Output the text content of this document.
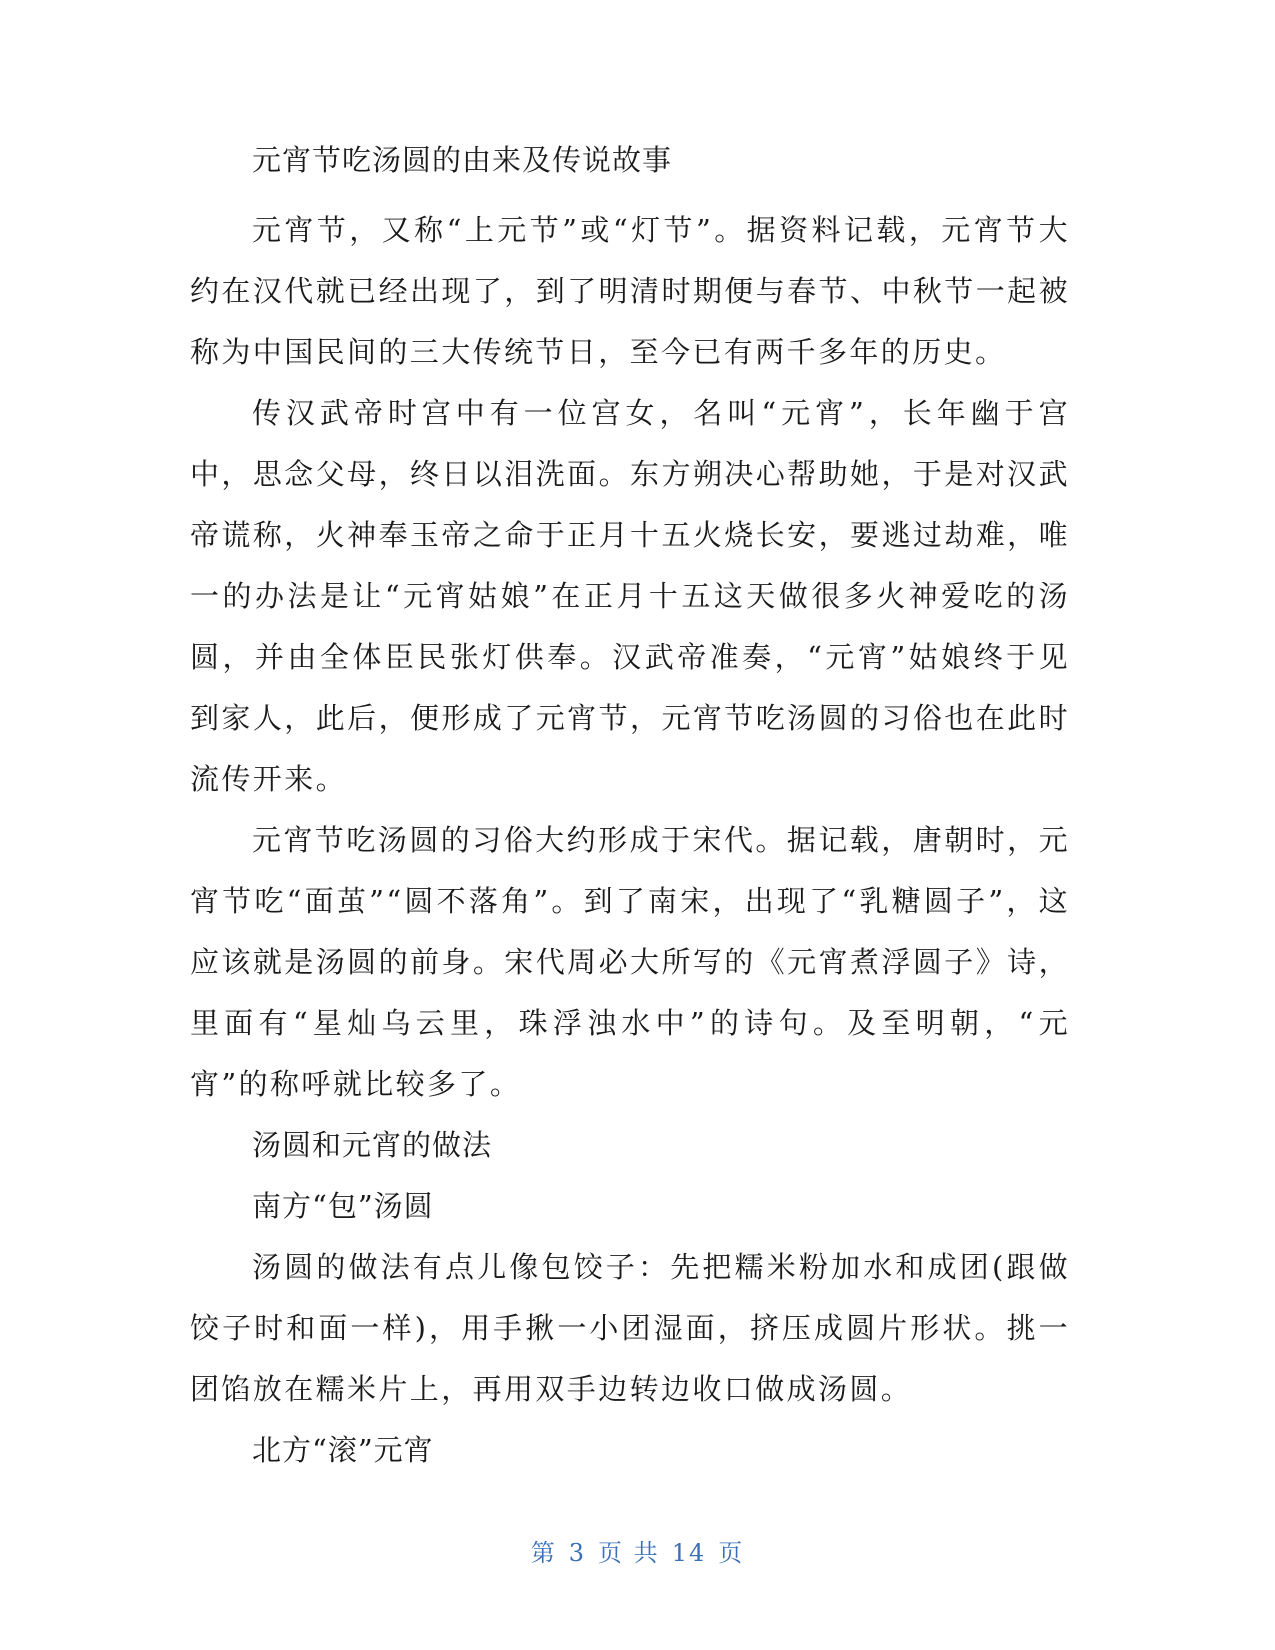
元宵节吃汤圆的由来及传说故事

元宵节，又称“上元节”或“灯节”。据资料记载，元宵节大约在汉代就已经出现了，到了明清时期便与春节、中秋节一起被称为中国民间的三大传统节日，至今已有两千多年的历史。

传汉武帝时宫中有一位宫女，名叫“元宵”，长年幽于宫中，思念父母，终日以泪洗面。东方朔决心帮助她，于是对汉武帝谎称，火神奉玉帝之命于正月十五火烧长安，要逃过劫难，唯一的办法是让“元宵姑娘”在正月十五这天做很多火神爱吃的汤圆，并由全体臣民张灯供奉。汉武帝准奏，“元宵”姑娘终于见到家人，此后，便形成了元宵节，元宵节吃汤圆的习俗也在此时流传开来。

元宵节吃汤圆的习俗大约形成于宋代。据记载，唐朝时，元宵节吃“面茧”“圆不落角”。到了南宋，出现了“乳糖圆子”，这应该就是汤圆的前身。宋代周必大所写的《元宵煮浮圆子》诗，里面有“星灿乌云里，珠浮浊水中”的诗句。及至明朝，“元宵”的称呼就比较多了。

汤圆和元宵的做法
南方“包”汤圆

汤圆的做法有点儿像包饺子：先把糯米粉加水和成团(跟做饺子时和面一样)，用手揪一小团湿面，挤压成圆片形状。挑一团馅放在糯米片上，再用双手边转边收口做成汤圆。

北方“滚”元宵
第 3 页 共 14 页
